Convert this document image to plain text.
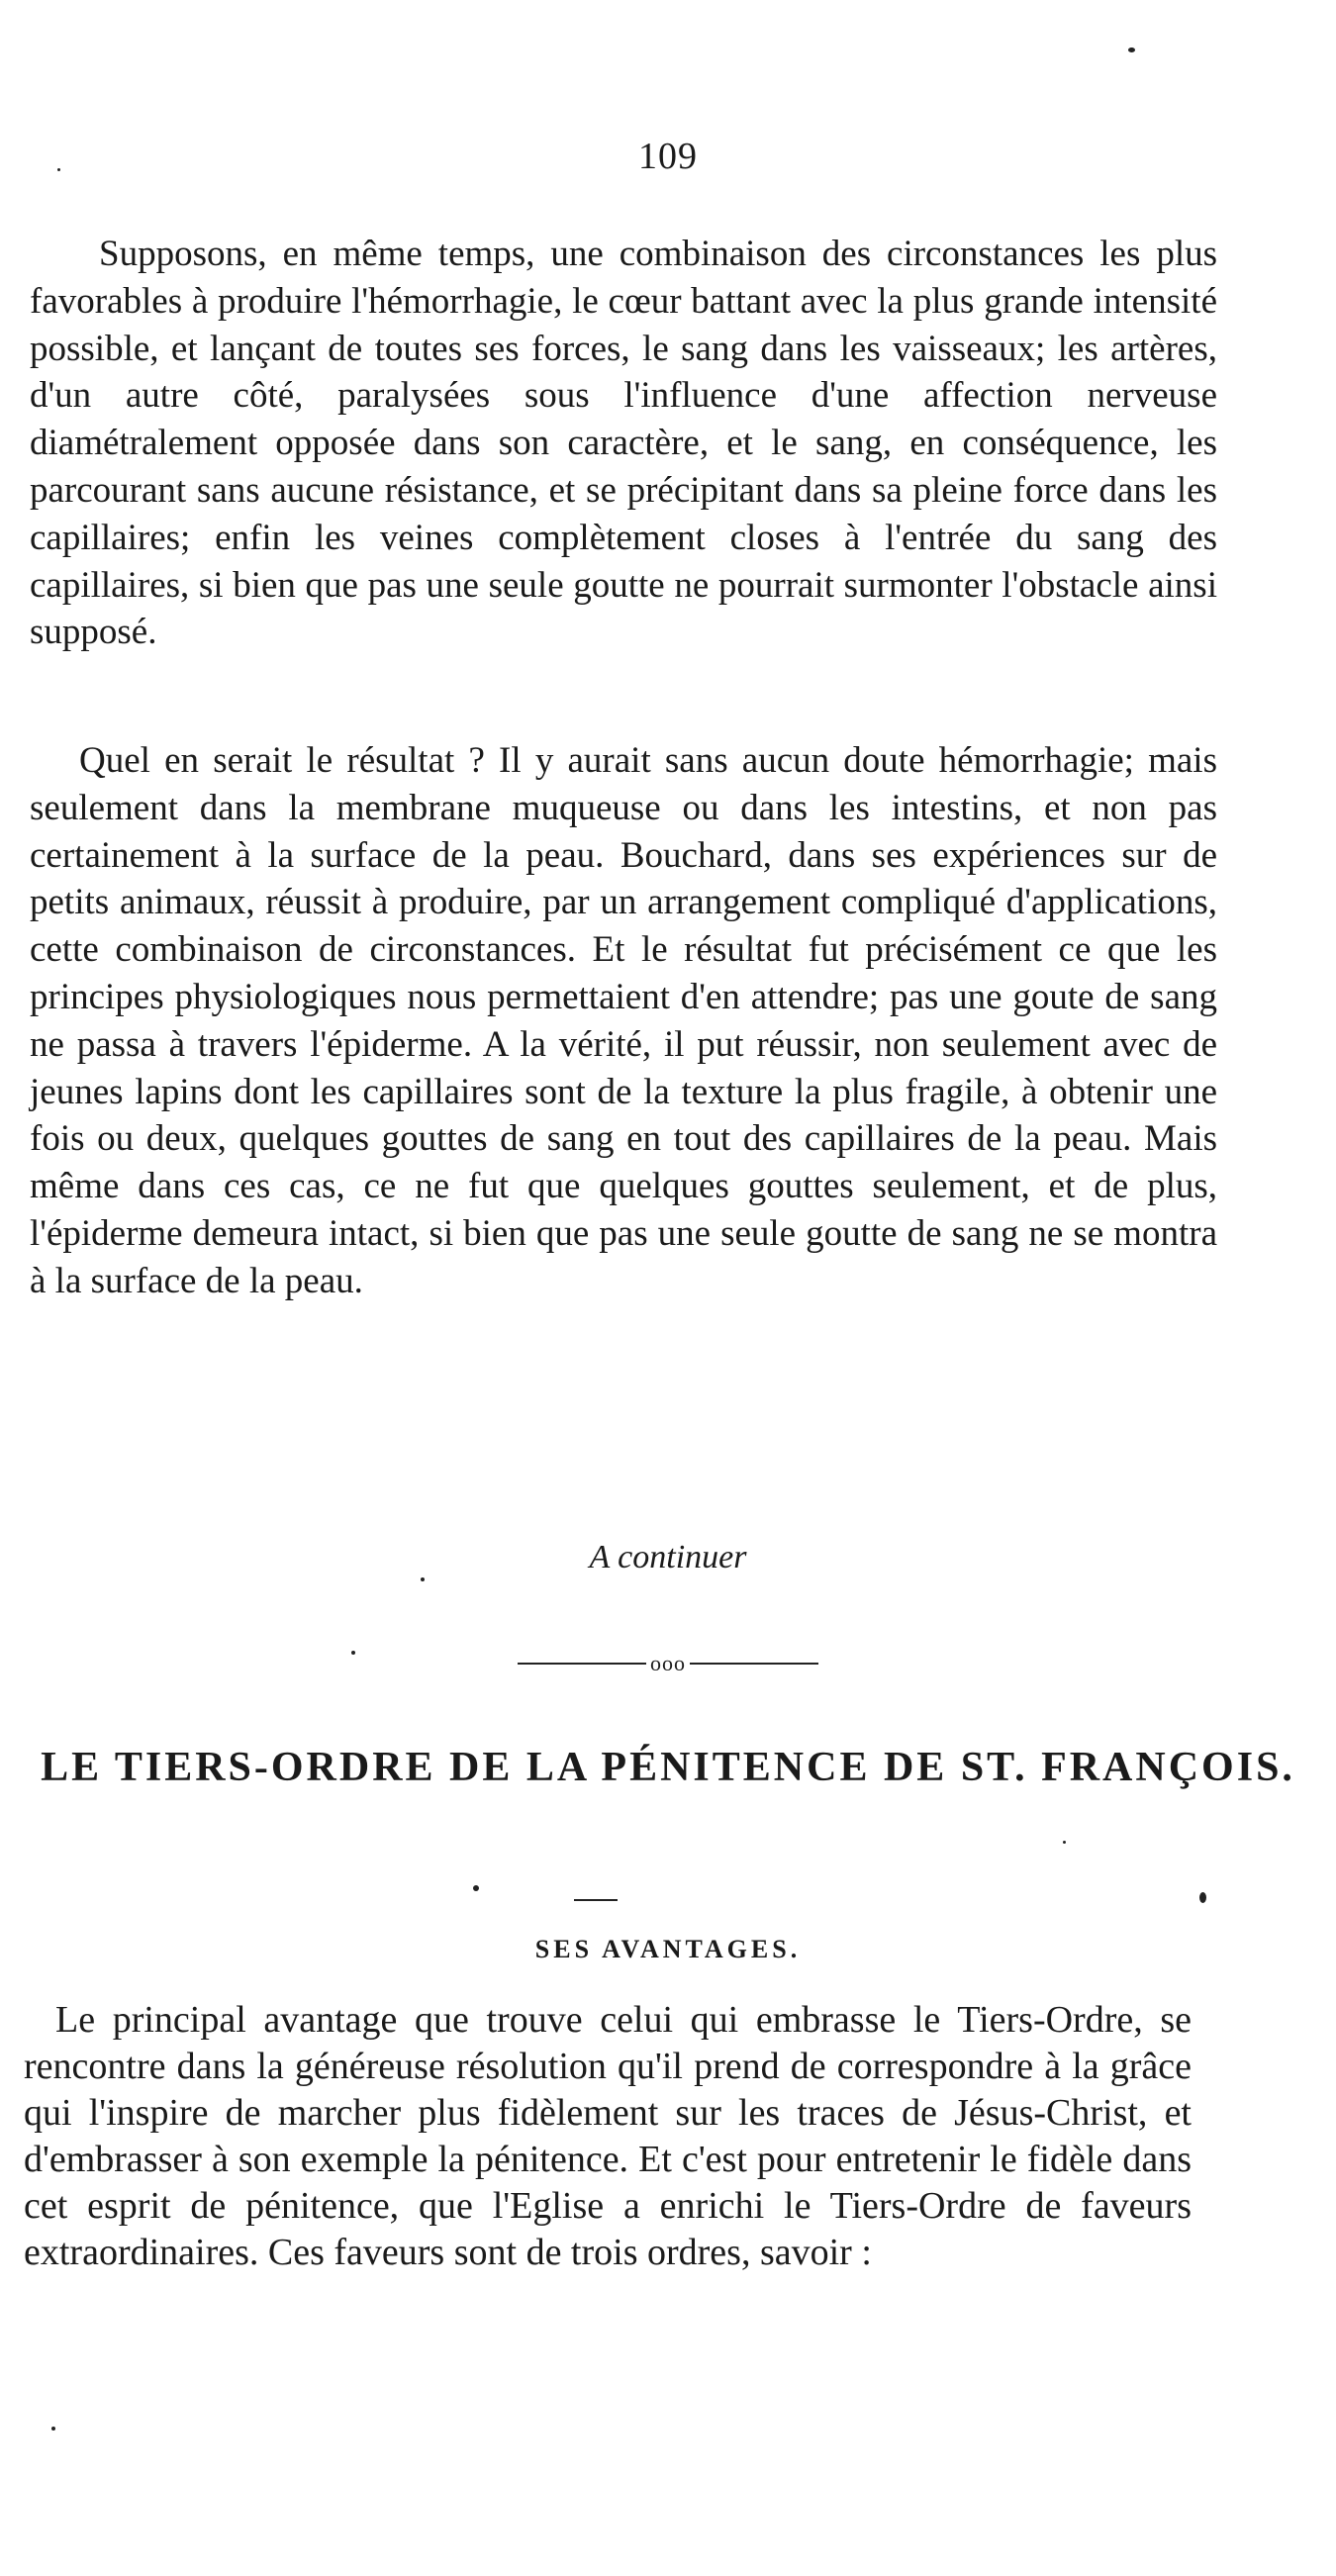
109

Supposons, en même temps, une combinaison des circonstances les plus favorables à produire l'hémorrhagie, le cœur battant avec la plus grande intensité possible, et lançant de toutes ses forces, le sang dans les vaisseaux; les artères, d'un autre côté, paralysées sous l'influence d'une affection nerveuse diamétralement opposée dans son caractère, et le sang, en conséquence, les parcourant sans aucune résistance, et se précipitant dans sa pleine force dans les capillaires; enfin les veines complètement closes à l'entrée du sang des capillaires, si bien que pas une seule goutte ne pourrait surmonter l'obstacle ainsi supposé.

Quel en serait le résultat ? Il y aurait sans aucun doute hémorrhagie; mais seulement dans la membrane muqueuse ou dans les intestins, et non pas certainement à la surface de la peau. Bouchard, dans ses expériences sur de petits animaux, réussit à produire, par un arrangement compliqué d'applications, cette combinaison de circonstances. Et le résultat fut précisément ce que les principes physiologiques nous permettaient d'en attendre; pas une goute de sang ne passa à travers l'épiderme. A la vérité, il put réussir, non seulement avec de jeunes lapins dont les capillaires sont de la texture la plus fragile, à obtenir une fois ou deux, quelques gouttes de sang en tout des capillaires de la peau. Mais même dans ces cas, ce ne fut que quelques gouttes seulement, et de plus, l'épiderme demeura intact, si bien que pas une seule goutte de sang ne se montra à la surface de la peau.

A continuer
ooo
LE TIERS-ORDRE DE LA PÉNITENCE DE ST. FRANÇOIS.
SES AVANTAGES.

Le principal avantage que trouve celui qui embrasse le Tiers-Ordre, se rencontre dans la généreuse résolution qu'il prend de correspondre à la grâce qui l'inspire de marcher plus fidèlement sur les traces de Jésus-Christ, et d'embrasser à son exemple la pénitence. Et c'est pour entretenir le fidèle dans cet esprit de pénitence, que l'Eglise a enrichi le Tiers-Ordre de faveurs extraordinaires. Ces faveurs sont de trois ordres, savoir :
